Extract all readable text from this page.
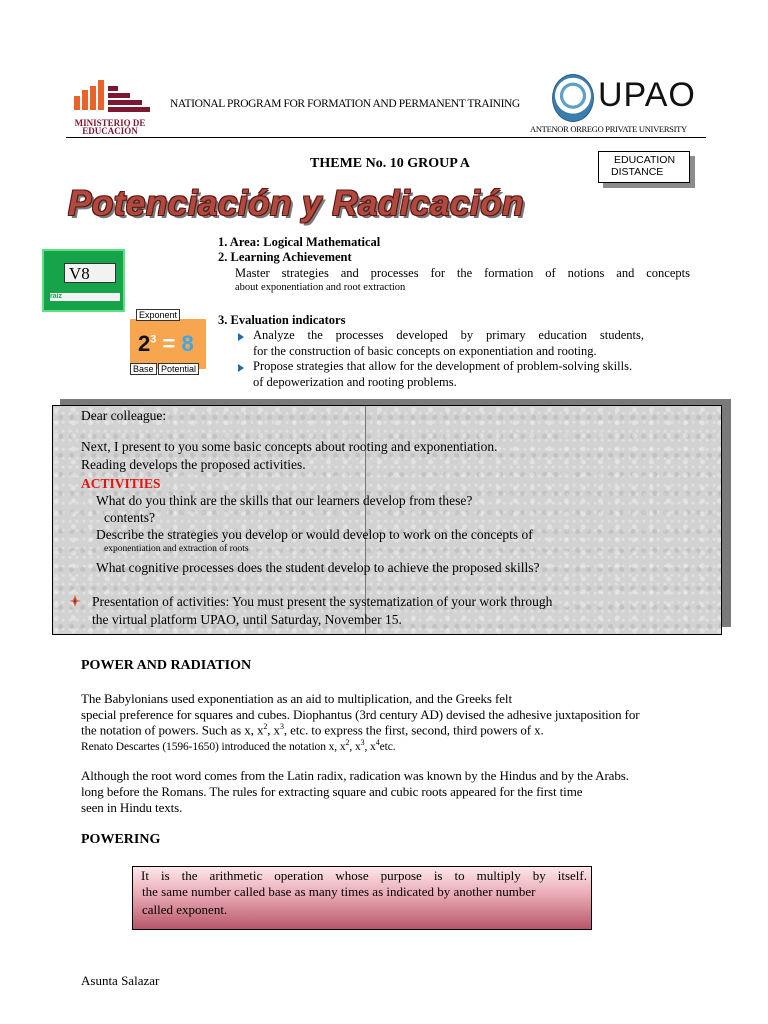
MINISTERIO DE
EDUCACIÓN
NATIONAL PROGRAM FOR FORMATION AND PERMANENT TRAINING UPAO
ANTENOR ORREGO PRIVATE UNIVERSITY
THEME No. 10 GROUP A	EDUCATION
DISTANCE
Potenciación y Radicación
V8
raíz
Exponent
$2^3 = 8$
Base Potential
1. Area: Logical Mathematical
2. Learning Achievement
Master strategies and processes for the formation of notions and concepts
about exponentiation and root extraction
3. Evaluation indicators
Analyze the processes developed by primary education students,
for the construction of basic concepts on exponentiation and rooting.
Propose strategies that allow for the development of problem-solving skills.
of depowerization and rooting problems.
Dear colleague:
Next, I present to you some basic concepts about rooting and exponentiation.
Reading develops the proposed activities.
ACTIVITIES
What do you think are the skills that our learners develop from these?
contents?
Describe the strategies you develop or would develop to work on the concepts of
exponentiation and extraction of roots
What cognitive processes does the student develop to achieve the proposed skills?
Presentation of activities: You must present the systematization of your work through
the virtual platform UPAO, until Saturday, November 15.
POWER AND RADIATION
The Babylonians used exponentiation as an aid to multiplication, and the Greeks felt
special preference for squares and cubes. Diophantus (3rd century AD) devised the adhesive juxtaposition for
the notation of powers. Such as x, $x^2$, $x^3$, etc. to express the first, second, third powers of x.
Renato Descartes (1596-1650) introduced the notation x, $x^2$, $x^3$, $x^4etc$.
Although the root word comes from the Latin radix, radication was known by the Hindus and by the Arabs.
long before the Romans. The rules for extracting square and cubic roots appeared for the first time
seen in Hindu texts.
POWERING
It is the arithmetic operation whose purpose is to multiply by itself.
the same number called base as many times as indicated by another number
called exponent.
Asunta Salazar
